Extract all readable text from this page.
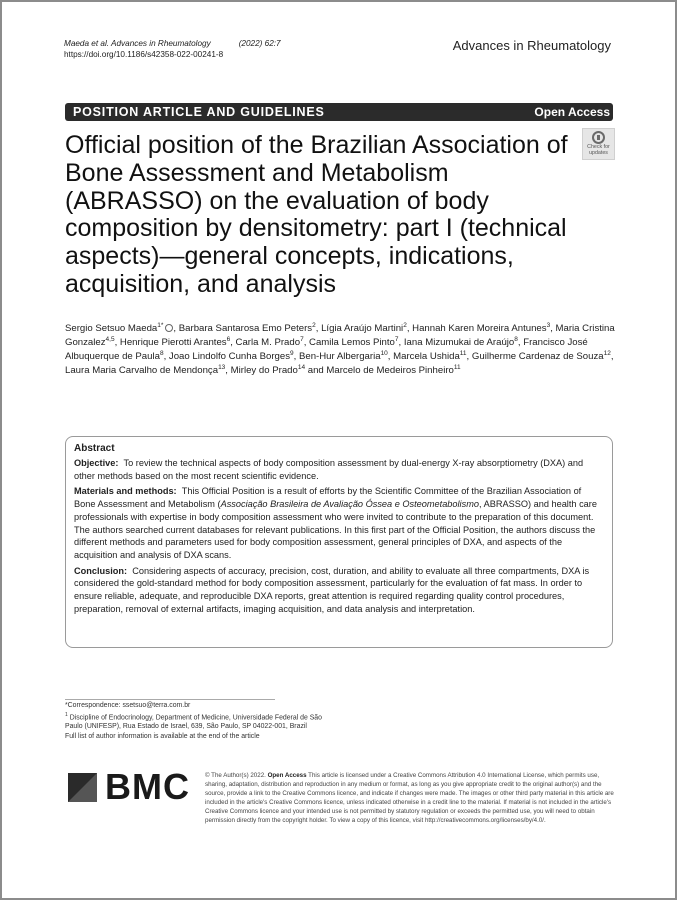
Maeda et al. Advances in Rheumatology	(2022) 62:7
https://doi.org/10.1186/s42358-022-00241-8
Advances in Rheumatology
POSITION ARTICLE AND GUIDELINES	Open Access
Check for
updates
Official position of the Brazilian Association of Bone Assessment and Metabolism (ABRASSO) on the evaluation of body composition by densitometry: part I (technical aspects)—general concepts, indications, acquisition, and analysis
Sergio Setsuo Maeda$^{1*}$ , Barbara Santarosa Emo Peters$^2$, Lígia Araújo Martini$^2$, Hannah Karen Moreira Antunes$^3$, Maria Cristina Gonzalez$^{4,5}$, Henrique Pierotti Arantes$^6$, Carla M. Prado$^7$, Camila Lemos Pinto$^7$, Iana Mizumukai de Araújo$^8$, Francisco José Albuquerque de Paula$^8$, Joao Lindolfo Cunha Borges$^9$, Ben-Hur Albergaria$^{10}$, Marcela Ushida$^{11}$, Guilherme Cardenaz de Souza$^{12}$, Laura Maria Carvalho de Mendonça$^{13}$, Mirley do Prado$^{14}$ and Marcelo de Medeiros Pinheiro$^{11}$
Abstract

Objective: To review the technical aspects of body composition assessment by dual-energy X-ray absorptiometry (DXA) and other methods based on the most recent scientific evidence.

Materials and methods: This Official Position is a result of efforts by the Scientific Committee of the Brazilian Association of Bone Assessment and Metabolism (Associação Brasileira de Avaliação Óssea e Osteometabolismo, ABRASSO) and health care professionals with expertise in body composition assessment who were invited to contribute to the preparation of this document. The authors searched current databases for relevant publications. In this first part of the Official Position, the authors discuss the different methods and parameters used for body composition assessment, general principles of DXA, and aspects of the acquisition and analysis of DXA scans.

Conclusion: Considering aspects of accuracy, precision, cost, duration, and ability to evaluate all three compartments, DXA is considered the gold-standard method for body composition assessment, particularly for the evaluation of fat mass. In order to ensure reliable, adequate, and reproducible DXA reports, great attention is required regarding quality control procedures, preparation, removal of external artifacts, imaging acquisition, and data analysis and interpretation.

*Correspondence: ssetsuo@terra.com.br
$^1$ Discipline of Endocrinology, Department of Medicine, Universidade Federal de São Paulo (UNIFESP), Rua Estado de Israel, 639, São Paulo, SP 04022-001, Brazil
Full list of author information is available at the end of the article
BMC © The Author(s) 2022. Open Access This article is licensed under a Creative Commons Attribution 4.0 International License, which permits use, sharing, adaptation, distribution and reproduction in any medium or format, as long as you give appropriate credit to the original author(s) and the source, provide a link to the Creative Commons licence, and indicate if changes were made. The images or other third party material in this article are included in the article's Creative Commons licence, unless indicated otherwise in a credit line to the material. If material is not included in the article's Creative Commons licence and your intended use is not permitted by statutory regulation or exceeds the permitted use, you will need to obtain permission directly from the copyright holder. To view a copy of this licence, visit http://creativecommons.org/licenses/by/4.0/.
